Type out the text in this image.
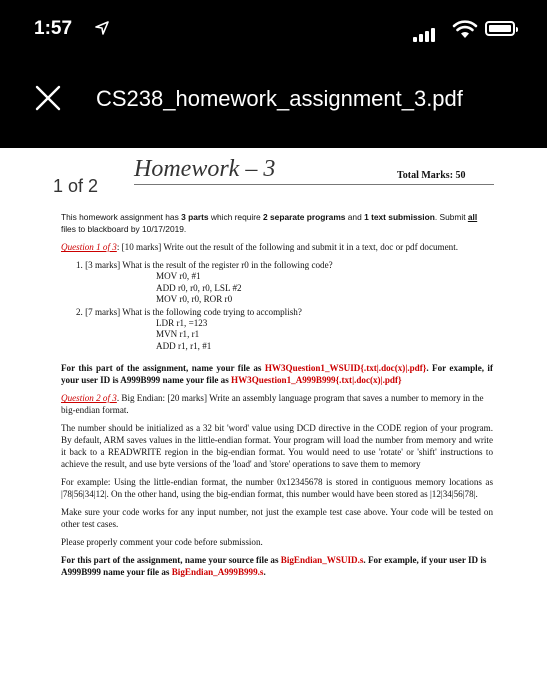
1:57
CS238_homework_assignment_3.pdf
Homework – 3	Total Marks: 50

This homework assignment has 3 parts which require 2 separate programs and 1 text submission. Submit all files to blackboard by 10/17/2019.

Question 1 of 3: [10 marks] Write out the result of the following and submit it in a text, doc or pdf document.

1. [3 marks] What is the result of the register r0 in the following code?
MOV r0, #1
ADD r0, r0, r0, LSL #2
MOV r0, r0, ROR r0
2. [7 marks] What is the following code trying to accomplish?
LDR r1, =123
MVN r1, r1
ADD r1, r1, #1

For this part of the assignment, name your file as HW3Question1_WSUID{.txt|.doc(x)|.pdf}. For example, if your user ID is A999B999 name your file as HW3Question1_A999B999{.txt|.doc(x)|.pdf}

Question 2 of 3. Big Endian: [20 marks] Write an assembly language program that saves a number to memory in the big-endian format.

The number should be initialized as a 32 bit 'word' value using DCD directive in the CODE region of your program. By default, ARM saves values in the little-endian format. Your program will load the number from memory and write it back to a READWRITE region in the big-endian format. You would need to use 'rotate' or 'shift' instructions to achieve the result, and use byte versions of the 'load' and 'store' operations to save them to memory

For example: Using the little-endian format, the number 0x12345678 is stored in contiguous memory locations as |78|56|34|12|. On the other hand, using the big-endian format, this number would have been stored as |12|34|56|78|.

Make sure your code works for any input number, not just the example test case above. Your code will be tested on other test cases.

Please properly comment your code before submission.

For this part of the assignment, name your source file as BigEndian_WSUID.s. For example, if your user ID is A999B999 name your file as BigEndian_A999B999.s.

1 of 2
